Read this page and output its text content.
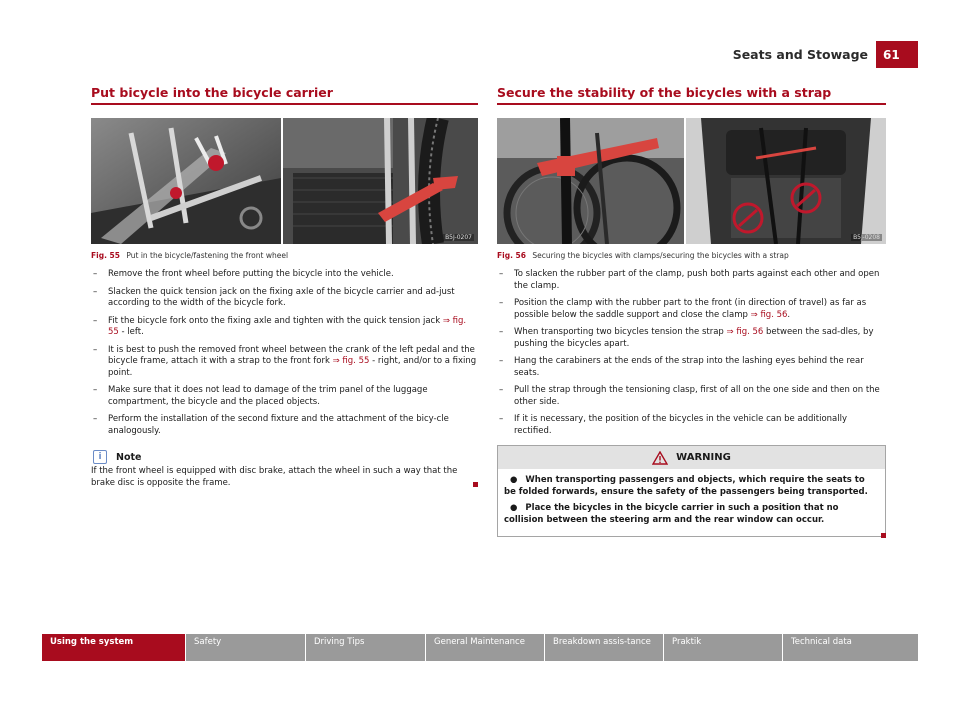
Seats and Stowage	61
Put bicycle into the bicycle carrier
B5J-0207
Fig. 55 Put in the bicycle/fastening the front wheel
– Remove the front wheel before putting the bicycle into the vehicle.
– Slacken the quick tension jack on the fixing axle of the bicycle carrier and ad-just according to the width of the bicycle fork.
– Fit the bicycle fork onto the fixing axle and tighten with the quick tension jack ⇒ fig. 55 - left.
– It is best to push the removed front wheel between the crank of the left pedal and the bicycle frame, attach it with a strap to the front fork ⇒ fig. 55 - right, and/or to a fixing point.
– Make sure that it does not lead to damage of the trim panel of the luggage compartment, the bicycle and the placed objects.
– Perform the installation of the second fixture and the attachment of the bicy-cle analogously.
i	Note
If the front wheel is equipped with disc brake, attach the wheel in such a way that the brake disc is opposite the frame.
Secure the stability of the bicycles with a strap
B5J-0208
Fig. 56 Securing the bicycles with clamps/securing the bicycles with a strap
– To slacken the rubber part of the clamp, push both parts against each other and open the clamp.
– Position the clamp with the rubber part to the front (in direction of travel) as far as possible below the saddle support and close the clamp ⇒ fig. 56.
– When transporting two bicycles tension the strap ⇒ fig. 56 between the sad-dles, by pushing the bicycles apart.
– Hang the carabiners at the ends of the strap into the lashing eyes behind the rear seats.
– Pull the strap through the tensioning clasp, first of all on the one side and then on the other side.
– If it is necessary, the position of the bicycles in the vehicle can be additionally rectified.
WARNING

● When transporting passengers and objects, which require the seats to be folded forwards, ensure the safety of the passengers being transported.

● Place the bicycles in the bicycle carrier in such a position that no collision between the steering arm and the rear window can occur.

Using the system	Safety	Driving Tips	General Maintenance	Breakdown assis-tance	Praktik	Technical data
